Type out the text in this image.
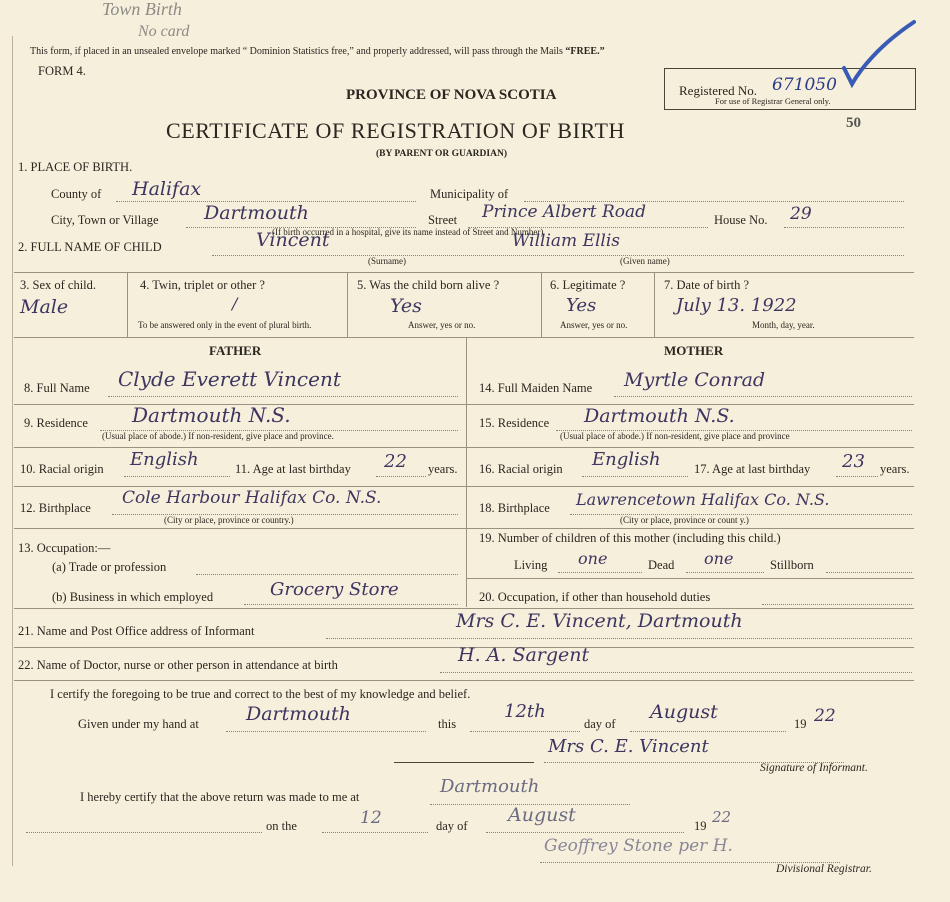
Town Birth
No card
This form, if placed in an unsealed envelope marked “ Dominion Statistics free,” and properly addressed, will pass through the Mails “FREE.”
FORM 4.
PROVINCE OF NOVA SCOTIA
CERTIFICATE OF REGISTRATION OF BIRTH
(BY PARENT OR GUARDIAN)
50
Registered No. 671050
For use of Registrar General only.
1. PLACE OF BIRTH.
County of Halifax	Municipality of
City, Town or Village Dartmouth	Street Prince Albert Road	House No. 29
(If birth occurred in a hospital, give its name instead of Street and Number)
2. FULL NAME OF CHILD	Vincent	William Ellis
(Surname)	(Given name)
3. Sex of child.
Male
4. Twin, triplet or other ?
/
To be answered only in the event of plural birth.
5. Was the child born alive ?
Yes
Answer, yes or no.
6. Legitimate ?
Yes
Answer, yes or no.
7. Date of birth ?
July 13. 1922
Month, day, year.
FATHER	MOTHER
8. Full Name Clyde Everett Vincent	14. Full Maiden Name Myrtle Conrad
9. Residence Dartmouth N.S.
(Usual place of abode.) If non-resident, give place and province.
15. Residence Dartmouth N.S.
(Usual place of abode.) If non-resident, give place and province
10. Racial origin English	11. Age at last birthday 22 years. 16. Racial origin English	17. Age at last birthday 23 years.
12. Birthplace Cole Harbour Halifax Co. N.S.
(City or place, province or country.)
18. Birthplace Lawrencetown Halifax Co. N.S.
(City or place, province or count y.)
13. Occupation:—
(a) Trade or profession
19. Number of children of this mother (including this child.)
Living one	Dead one	Stillborn
(b) Business in which employed	Grocery Store	20. Occupation, if other than household duties
21. Name and Post Office address of Informant	Mrs C. E. Vincent, Dartmouth
22. Name of Doctor, nurse or other person in attendance at birth	H. A. Sargent
I certify the foregoing to be true and correct to the best of my knowledge and belief.
Given under my hand at Dartmouth	this
12th
day of
August
19 22
Mrs C. E. Vincent
Signature of Informant.
I hereby certify that the above return was made to me at	Dartmouth
on the	12	day of August	19 22
Geoffrey Stone per H.
Divisional Registrar.
